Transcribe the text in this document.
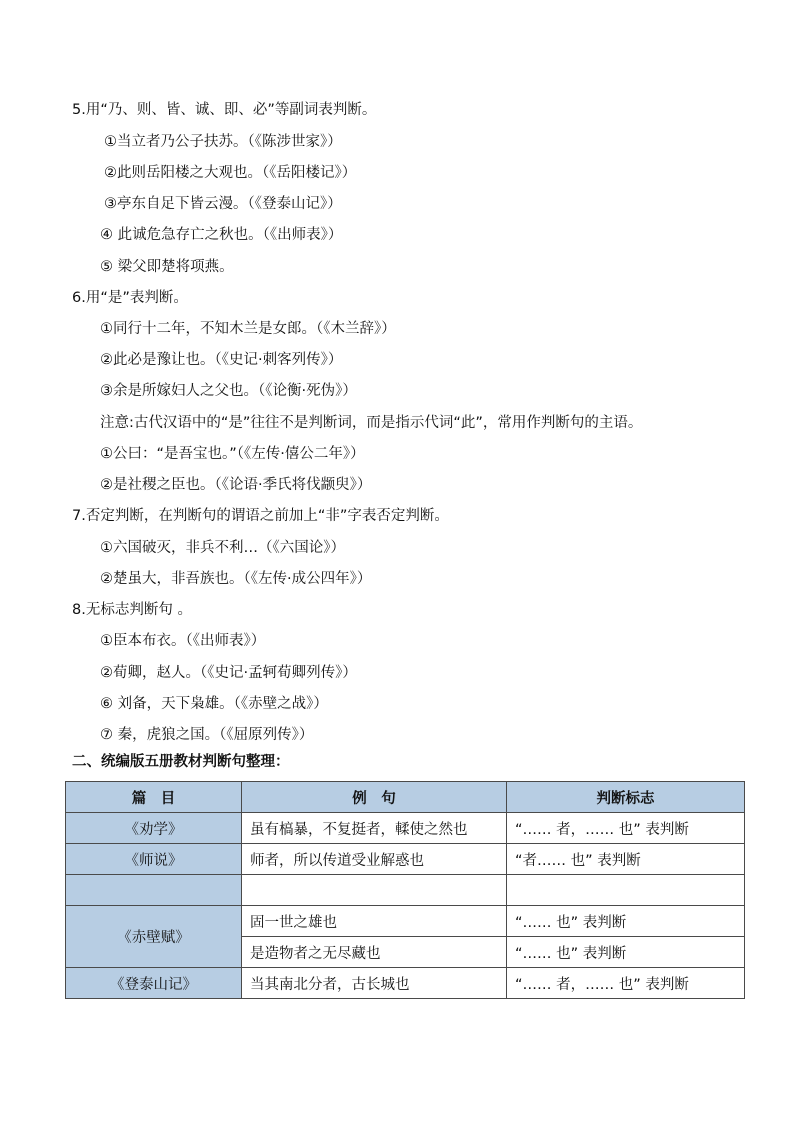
5.用“乃、则、皆、诚、即、必”等副词表判断。
①当立者乃公子扶苏。（《陈涉世家》）
②此则岳阳楼之大观也。（《岳阳楼记》）
③亭东自足下皆云漫。（《登泰山记》）
④ 此诚危急存亡之秋也。（《出师表》）
⑤ 梁父即楚将项燕。
6.用“是”表判断。
①同行十二年，不知木兰是女郎。（《木兰辞》）
②此必是豫让也。（《史记·刺客列传》）
③余是所嫁妇人之父也。（《论衡·死伪》）
注意:古代汉语中的“是”往往不是判断词，而是指示代词“此”，常用作判断句的主语。
①公曰：“是吾宝也。”（《左传·僖公二年》）
②是社稷之臣也。（《论语·季氏将伐颛臾》）
7.否定判断，在判断句的谓语之前加上“非”字表否定判断。
①六国破灭，非兵不利…（《六国论》）
②楚虽大，非吾族也。（《左传·成公四年》）
8.无标志判断句 。
①臣本布衣。（《出师表》）
②荀卿，赵人。（《史记·孟轲荀卿列传》）
⑥ 刘备，天下枭雄。（《赤壁之战》）
⑦ 秦，虎狼之国。（《屈原列传》）
二、统编版五册教材判断句整理：
篇　目	例　句	判断标志
《劝学》	虽有槁暴，不复挺者，輮使之然也	“…… 者，…… 也” 表判断
《师说》	师者，所以传道受业解惑也	“者…… 也” 表判断

《赤壁赋》	固一世之雄也	“…… 也” 表判断
	是造物者之无尽藏也	“…… 也” 表判断
《登泰山记》	当其南北分者，古长城也	“…… 者，…… 也” 表判断
